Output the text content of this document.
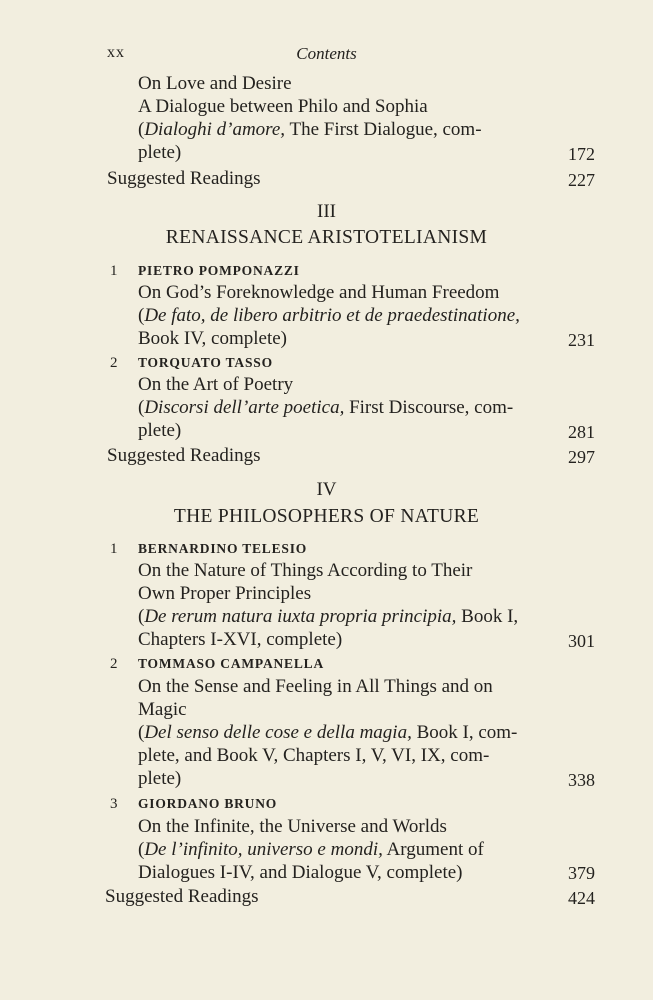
xx	Contents
On Love and Desire
A Dialogue between Philo and Sophia
(Dialoghi d’amore, The First Dialogue, com-
plete)	172
Suggested Readings	227
III
RENAISSANCE ARISTOTELIANISM
1 PIETRO POMPONAZZI
On God’s Foreknowledge and Human Freedom
(De fato, de libero arbitrio et de praedestinatione,
Book IV, complete)	231
2 TORQUATO TASSO
On the Art of Poetry
(Discorsi dell’arte poetica, First Discourse, com-
plete)	281
Suggested Readings	297
IV
THE PHILOSOPHERS OF NATURE
1 BERNARDINO TELESIO
On the Nature of Things According to Their
Own Proper Principles
(De rerum natura iuxta propria principia, Book I,
Chapters I-XVI, complete)	301
2 TOMMASO CAMPANELLA
On the Sense and Feeling in All Things and on
Magic
(Del senso delle cose e della magia, Book I, com-
plete, and Book V, Chapters I, V, VI, IX, com-
plete)	338
3 GIORDANO BRUNO
On the Infinite, the Universe and Worlds
(De l’infinito, universo e mondi, Argument of
Dialogues I-IV, and Dialogue V, complete)	379
Suggested Readings	424
